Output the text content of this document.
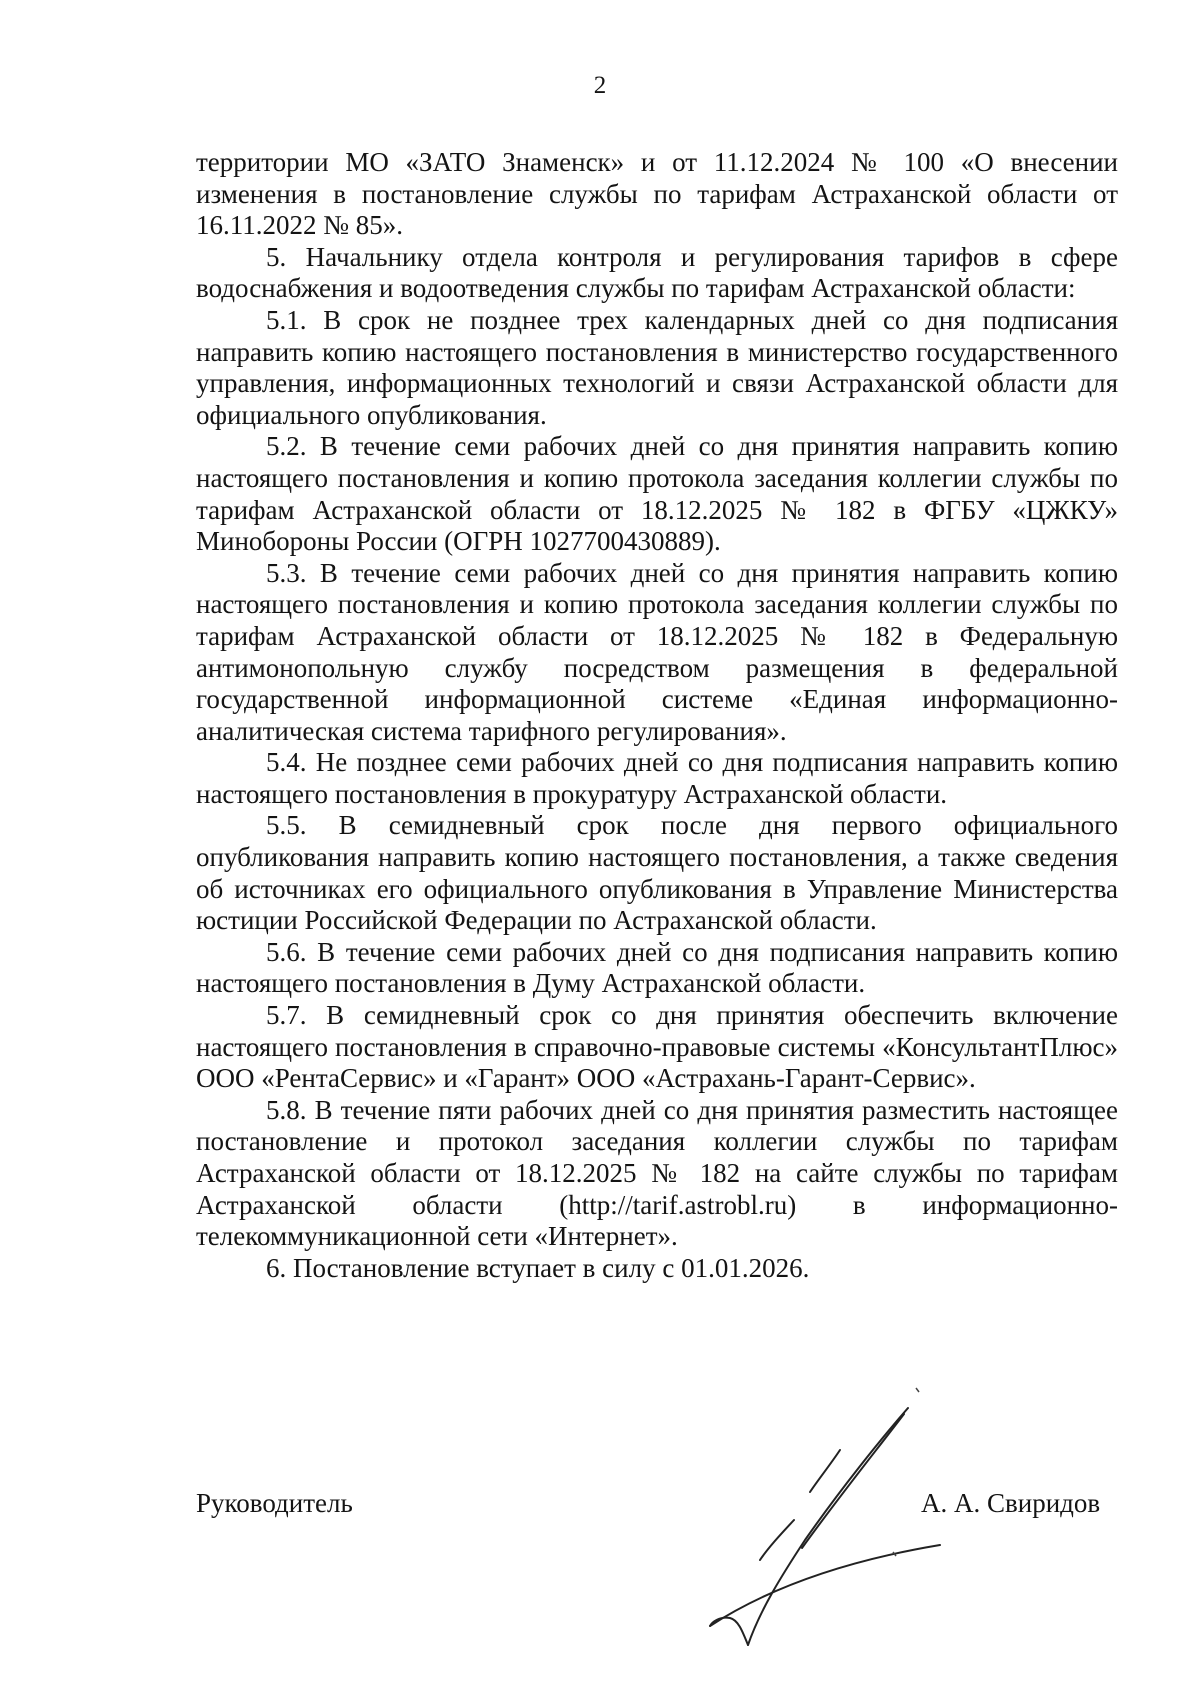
2

территории МО «ЗАТО Знаменск» и от 11.12.2024 № 100 «О внесении изменения в постановление службы по тарифам Астраханской области от 16.11.2022 № 85».

5. Начальнику отдела контроля и регулирования тарифов в сфере водоснабжения и водоотведения службы по тарифам Астраханской области:

5.1. В срок не позднее трех календарных дней со дня подписания направить копию настоящего постановления в министерство государственного управления, информационных технологий и связи Астраханской области для официального опубликования.

5.2. В течение семи рабочих дней со дня принятия направить копию настоящего постановления и копию протокола заседания коллегии службы по тарифам Астраханской области от 18.12.2025 № 182 в ФГБУ «ЦЖКУ» Минобороны России (ОГРН 1027700430889).

5.3. В течение семи рабочих дней со дня принятия направить копию настоящего постановления и копию протокола заседания коллегии службы по тарифам Астраханской области от 18.12.2025 № 182 в Федеральную антимонопольную службу посредством размещения в федеральной государственной информационной системе «Единая информационно-аналитическая система тарифного регулирования».

5.4. Не позднее семи рабочих дней со дня подписания направить копию настоящего постановления в прокуратуру Астраханской области.

5.5. В семидневный срок после дня первого официального опубликования направить копию настоящего постановления, а также сведения об источниках его официального опубликования в Управление Министерства юстиции Российской Федерации по Астраханской области.

5.6. В течение семи рабочих дней со дня подписания направить копию настоящего постановления в Думу Астраханской области.

5.7. В семидневный срок со дня принятия обеспечить включение настоящего постановления в справочно-правовые системы «КонсультантПлюс» ООО «РентаСервис» и «Гарант» ООО «Астрахань-Гарант-Сервис».

5.8. В течение пяти рабочих дней со дня принятия разместить настоящее постановление и протокол заседания коллегии службы по тарифам Астраханской области от 18.12.2025 № 182 на сайте службы по тарифам Астраханской области (http://tarif.astrobl.ru) в информационно-телекоммуникационной сети «Интернет».

6. Постановление вступает в силу с 01.01.2026.

Руководитель	А. А. Свиридов
